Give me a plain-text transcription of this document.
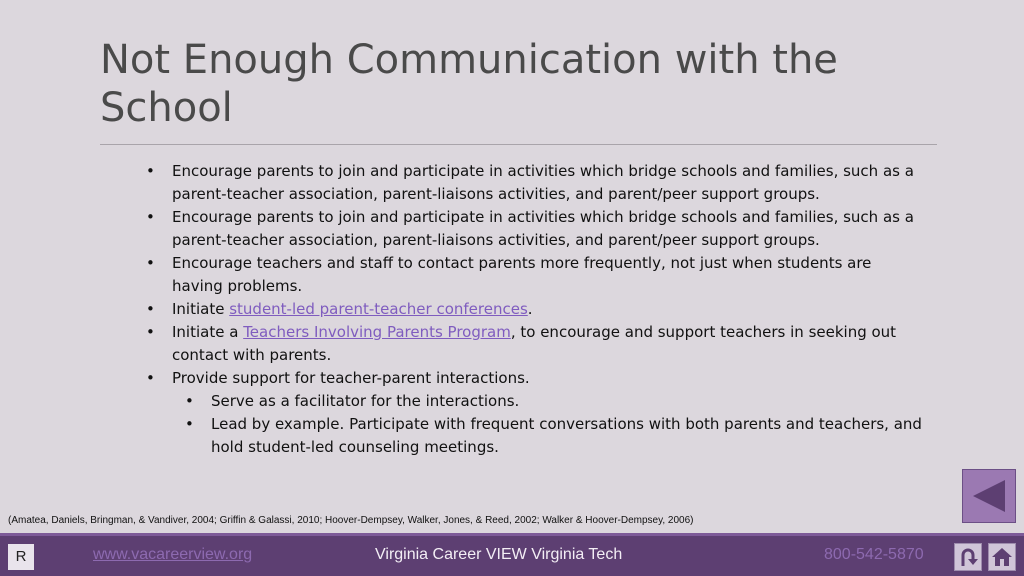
Not Enough Communication with the School
• Encourage parents to join and participate in activities which bridge schools and families, such as a parent-teacher association, parent-liaisons activities, and parent/peer support groups.
• Encourage parents to join and participate in activities which bridge schools and families, such as a parent-teacher association, parent-liaisons activities, and parent/peer support groups.
• Encourage teachers and staff to contact parents more frequently, not just when students are having problems.
• Initiate student-led parent-teacher conferences.
• Initiate a Teachers Involving Parents Program, to encourage and support teachers in seeking out contact with parents.
• Provide support for teacher-parent interactions.
• Serve as a facilitator for the interactions.
• Lead by example. Participate with frequent conversations with both parents and teachers, and hold student-led counseling meetings.
(Amatea, Daniels, Bringman, & Vandiver, 2004; Griffin & Galassi, 2010; Hoover-Dempsey, Walker, Jones, & Reed, 2002; Walker & Hoover-Dempsey, 2006)
R	www.vacareerview.org	Virginia Career VIEW Virginia Tech	800-542-5870
